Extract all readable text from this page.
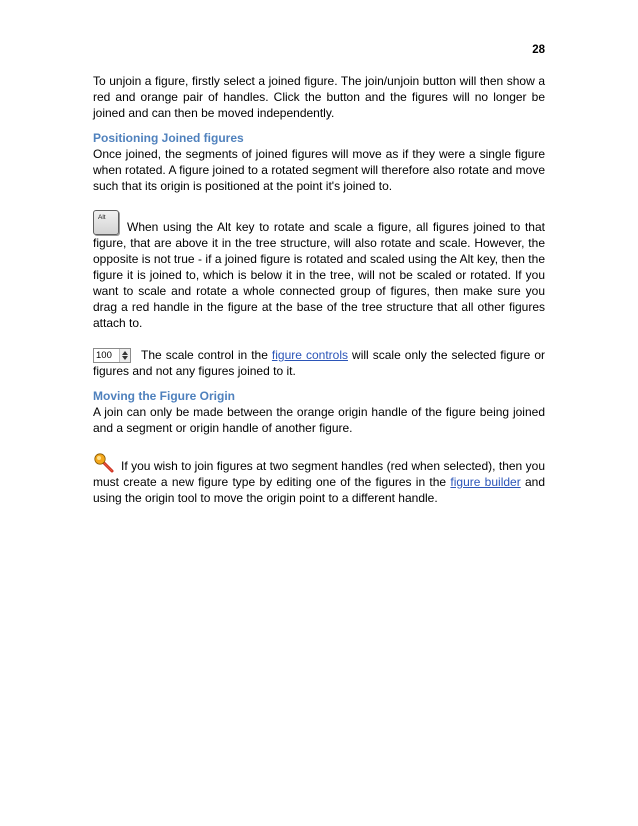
28

To unjoin a figure, firstly select a joined figure. The join/unjoin button will then show a red and orange pair of handles. Click the button and the figures will no longer be joined and can then be moved independently.

Positioning Joined figures

Once joined, the segments of joined figures will move as if they were a single figure when rotated. A figure joined to a rotated segment will therefore also rotate and move such that its origin is positioned at the point it's joined to.

Alt
When using the Alt key to rotate and scale a figure, all figures joined to that figure, that are above it in the tree structure, will also rotate and scale. However, the opposite is not true - if a joined figure is rotated and scaled using the Alt key, then the figure it is joined to, which is below it in the tree, will not be scaled or rotated. If you want to scale and rotate a whole connected group of figures, then make sure you drag a red handle in the figure at the base of the tree structure that all other figures attach to.

100	The scale control in the figure controls will scale only the selected figure or figures and not any figures joined to it.

Moving the Figure Origin

A join can only be made between the orange origin handle of the figure being joined and a segment or origin handle of another figure.

If you wish to join figures at two segment handles (red when selected), then you must create a new figure type by editing one of the figures in the figure builder and using the origin tool to move the origin point to a different handle.
